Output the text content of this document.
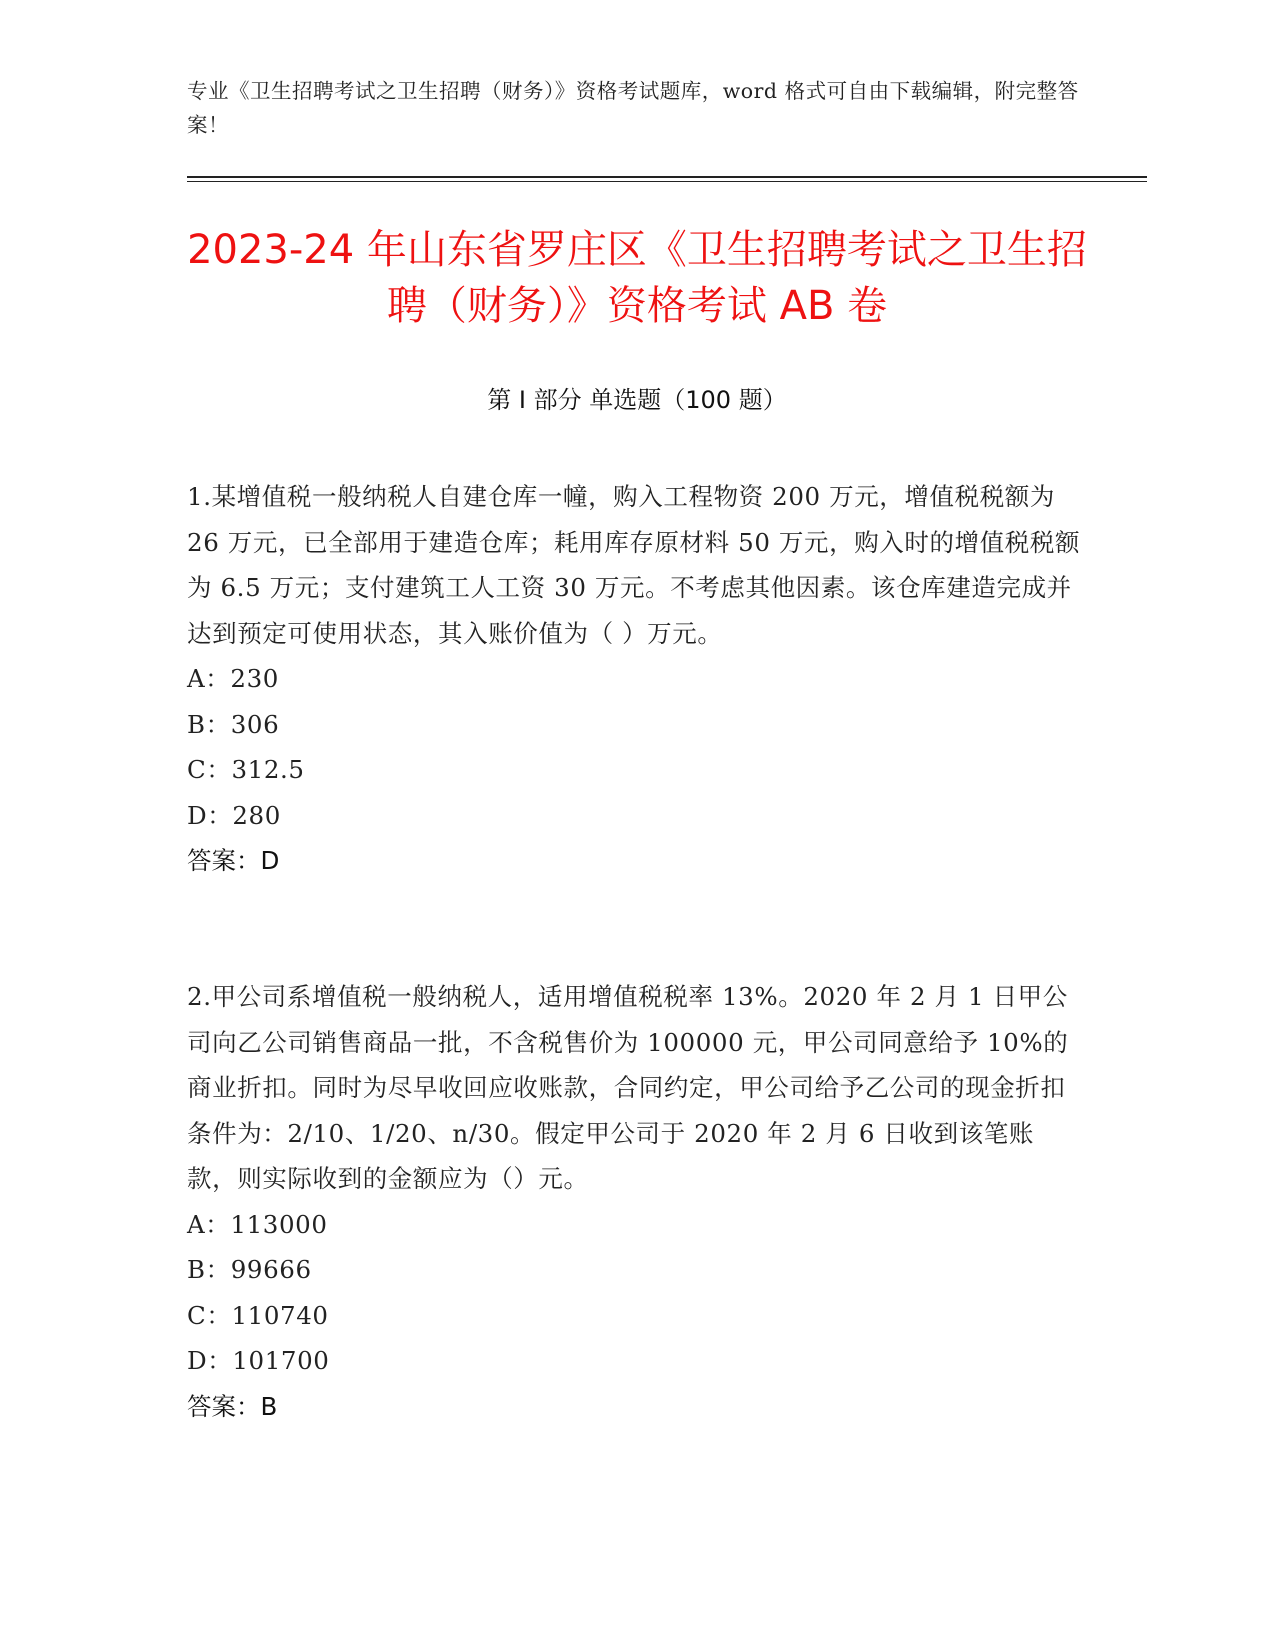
专业《卫生招聘考试之卫生招聘（财务）》资格考试题库，word 格式可自由下载编辑，附完整答案！
2023-24 年山东省罗庄区《卫生招聘考试之卫生招聘（财务）》资格考试 AB 卷
第 I 部分 单选题（100 题）

1.某增值税一般纳税人自建仓库一幢，购入工程物资 200 万元，增值税税额为 26 万元，已全部用于建造仓库；耗用库存原材料 50 万元，购入时的增值税税额为 6.5 万元；支付建筑工人工资 30 万元。不考虑其他因素。该仓库建造完成并达到预定可使用状态，其入账价值为（ ）万元。

A：230

B：306

C：312.5

D：280

答案：D

2.甲公司系增值税一般纳税人，适用增值税税率 13%。2020 年 2 月 1 日甲公司向乙公司销售商品一批，不含税售价为 100000 元，甲公司同意给予 10%的商业折扣。同时为尽早收回应收账款，合同约定，甲公司给予乙公司的现金折扣条件为：2/10、1/20、n/30。假定甲公司于 2020 年 2 月 6 日收到该笔账款，则实际收到的金额应为（）元。

A：113000

B：99666

C：110740

D：101700

答案：B
